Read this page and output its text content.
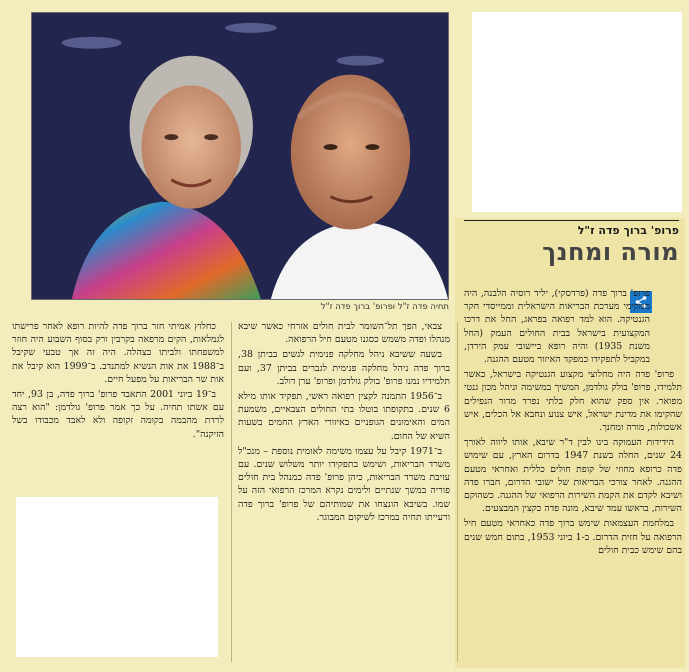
תחיה פדה ז"ל ופרופ' ברוך פדה ז"ל
פרופ' ברוך פדה ז"ל
מורה ומחנך

פרופ' ברוך פדה (פרדסקי), יליד רוסיה הלבנה, היה ממקימי מערכת הבריאות הישראלית וממייסדי חקר הגנטיקה. הוא למד רפואה בפראג, החל את דרכו המקצועית בישראל בבית החולים העמק (החל משנת 1935) והיה רופא ביישובי עמק הירדן, במקביל לתפקידו כמפקד האיזור מטעם ההגנה.

פרופ' פדה היה מחלוצי מקצוע הגנטיקה בישראל, כאשר תלמידו, פרופ' בולק גולדמן, המשיך במשימה וניהל מכון גנטי מפואר. אין ספק שהוא חלק בלתי נפרד מדור הנפילים שהקימו את מדינת ישראל, איש צנוע ונחבא אל הכלים, איש אשכולות, מורה ומחנך.

הידידות העמוקה בינו לבין ד"ר שיבא, אותו ליווה לאורך 24 שנים, החלה בשנת 1947 בדרום הארץ, עם שימוש פדה כרופא מחוזי של קופת חולים כללית ואחראי מטעם ההגנה. לאחר צורכי הבריאות של ישובי הדרום, חברו פדה ושיבא לקדם את הקמת השירות הרפואי של ההגנה. כשהוקם השירות, בראשו עמד שיבא, מונה פדה כקצין המבצעים.

במלחמת העצמאות שימש ברוך פדה כאחראי מטעם חיל הרפואה על חזית הדרום. ב-1 ביוני 1953, בתום חמש שנים בהם שימש כבית חולים

צבאי, הפך תל־השומר לבית חולים אזרחי כאשר שיבא מנהלו ופדה משמש כסגנו מטעם חיל הרפואה.

בשעה ששיבא ניהל מחלקה פנימית לנשים בביתן 38, ברוך פדה ניהל מחלקה פנימית לגברים בביתן 37, ועם תלמידיו נמנו פרופ' בולק גולדמן ופרופ' ערן דולב.

ב־1956 התמנה לקצין רפואה ראשי, תפקיד אותו מילא 6 שנים. בתקופתו בוטלו בתי החולים הצבאיים, משמעת המים והאימונים הגופניים באיזורי הארץ החמים בשעות השיא של החום.

ב־1971 קיבל על עצמו משימה לאומית נוספת – מנכ"ל משרד הבריאות, ושימש בתפקידו יותר משלוש שנים. עם עזיבת משרד הבריאות, כיהן פרופ' פדה כמנהל בית חולים פוריה במשך שנתיים ולימים נקרא המרכז הרפואי הזה על שמו. בשיבא הונצחו את שמותיהם של פרופ' ברוך פדה ורעייתו תחיה במרכז לשיקום המבוגר.

כחלוץ אמיתי חזר ברוך פדה להיות רופא לאחר פרישתו לגמלאות, הקים מרפאה בקרבין ורק בסוף השבוע היה חוזר למשפחתו ולביתו בצהלה. היה זה אך טבעי שקיבל ב־1988 את אות הנשיא למתנדב. ב־1999 הוא קיבל את אות שר הבריאות על מפעל חיים.

ב־19 ביוני 2001 התאבד פרופ' ברוך פדה, בן 93, יחד עם אשתו תחיה. על כך אמר פרופ' גולדמן: "הוא רצה לרדת מהבמה בקומה זקופה ולא לאבד מכבודו בשל הזיקנה".
